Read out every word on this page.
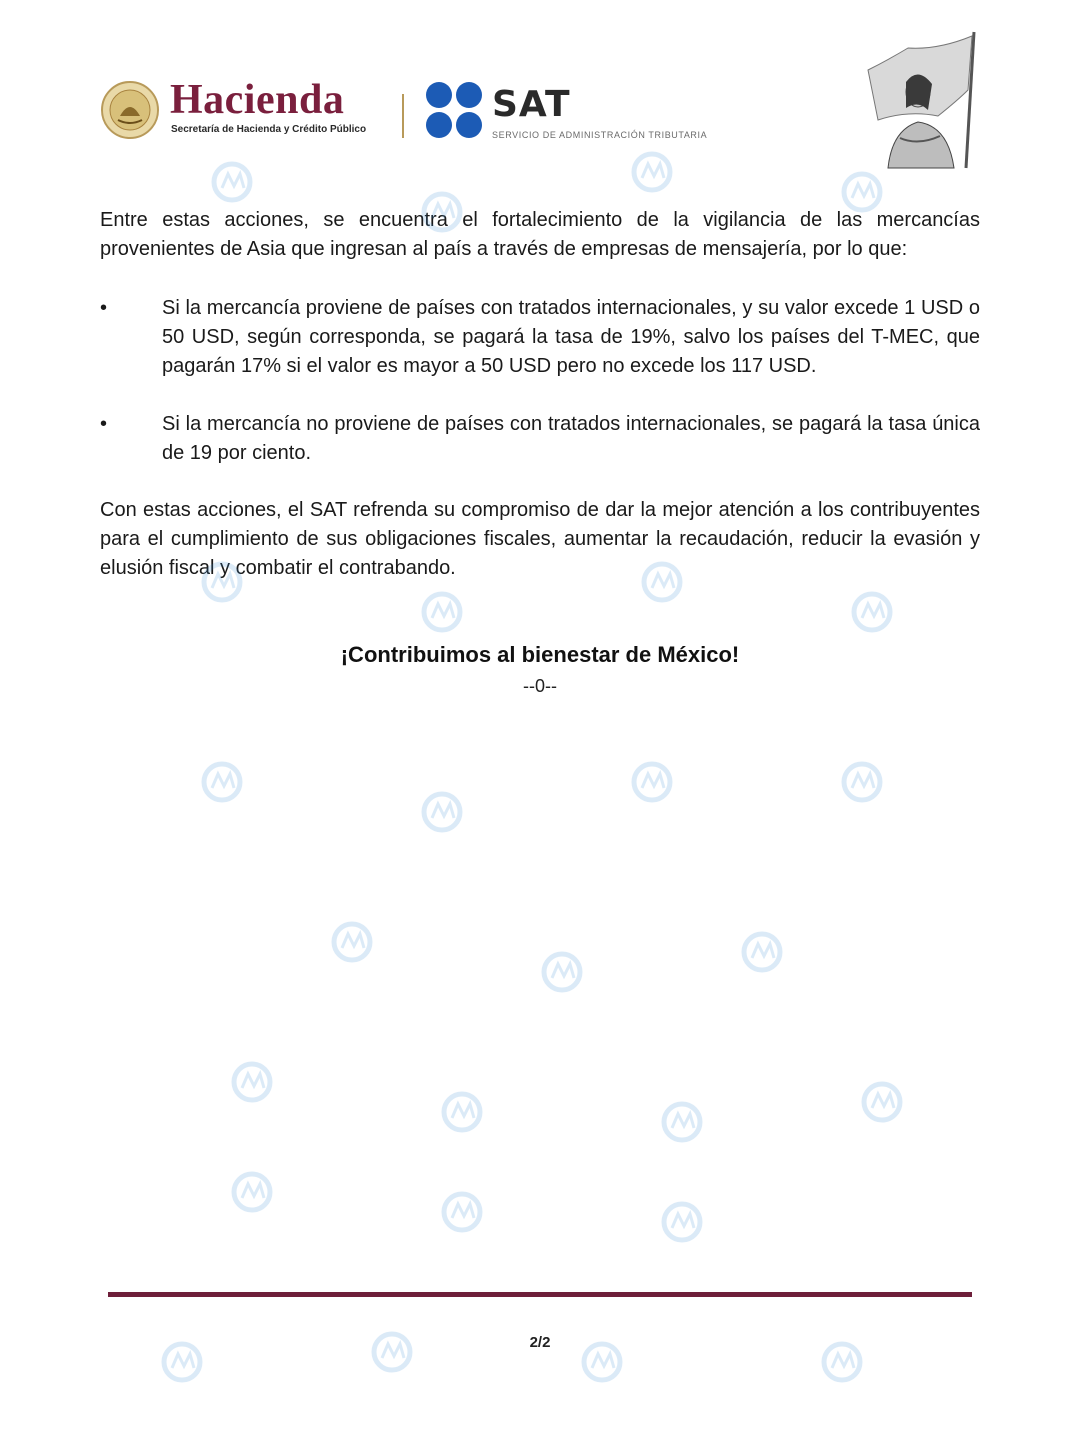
Hacienda
Secretaría de Hacienda y Crédito Público
SAT
SERVICIO DE ADMINISTRACIÓN TRIBUTARIA
Entre estas acciones, se encuentra el fortalecimiento de la vigilancia de las mercancías provenientes de Asia que ingresan al país a través de empresas de mensajería, por lo que:
•	Si la mercancía proviene de países con tratados internacionales, y su valor excede 1 USD o 50 USD, según corresponda, se pagará la tasa de 19%, salvo los países del T-MEC, que pagarán 17% si el valor es mayor a 50 USD pero no excede los 117 USD.
•	Si la mercancía no proviene de países con tratados internacionales, se pagará la tasa única de 19 por ciento.
Con estas acciones, el SAT refrenda su compromiso de dar la mejor atención a los contribuyentes para el cumplimiento de sus obligaciones fiscales, aumentar la recaudación, reducir la evasión y elusión fiscal y combatir el contrabando.
¡Contribuimos al bienestar de México!
--0--
2/2
